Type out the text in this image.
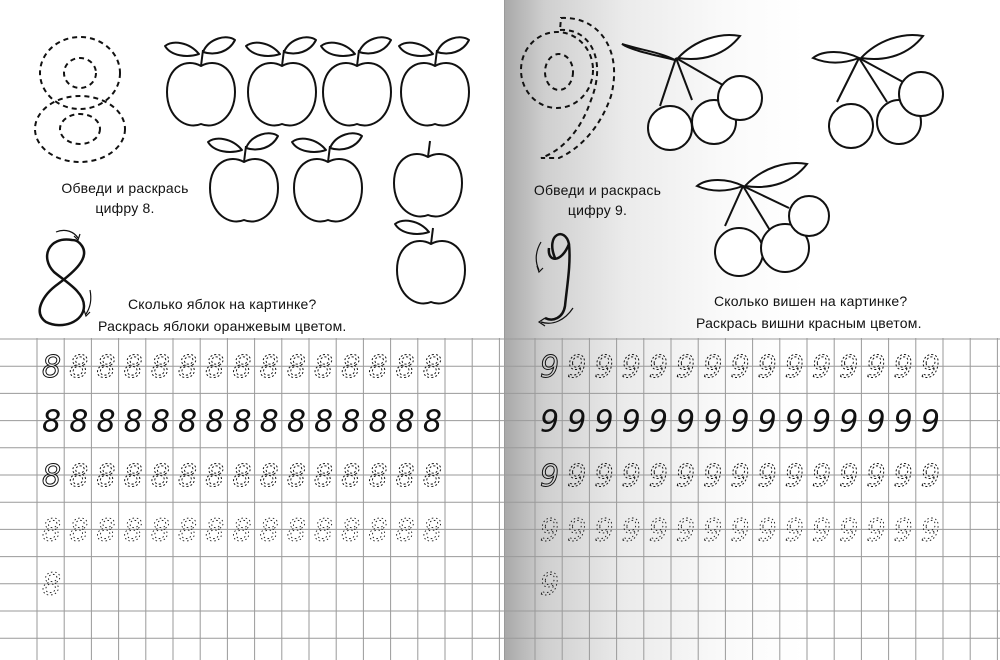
Обведи и раскрась
цифру 8.
Сколько яблок на картинке?
Раскрась яблоки оранжевым цветом.
8 8 8 8 8 8 8 8 8 8 8 8 8 8 8
8 8 8 8 8 8 8 8 8 8 8 8 8 8 8
8 8 8 8 8 8 8 8 8 8 8 8 8 8 8
8 8 8 8 8 8 8 8 8 8 8 8 8 8 8
8
Обведи и раскрась
цифру 9.
Сколько вишен на картинке?
Раскрась вишни красным цветом.
9 9 9 9 9 9 9 9 9 9 9 9 9 9 9
9 9 9 9 9 9 9 9 9 9 9 9 9 9 9
9 9 9 9 9 9 9 9 9 9 9 9 9 9 9
9 9 9 9 9 9 9 9 9 9 9 9 9 9 9
9
